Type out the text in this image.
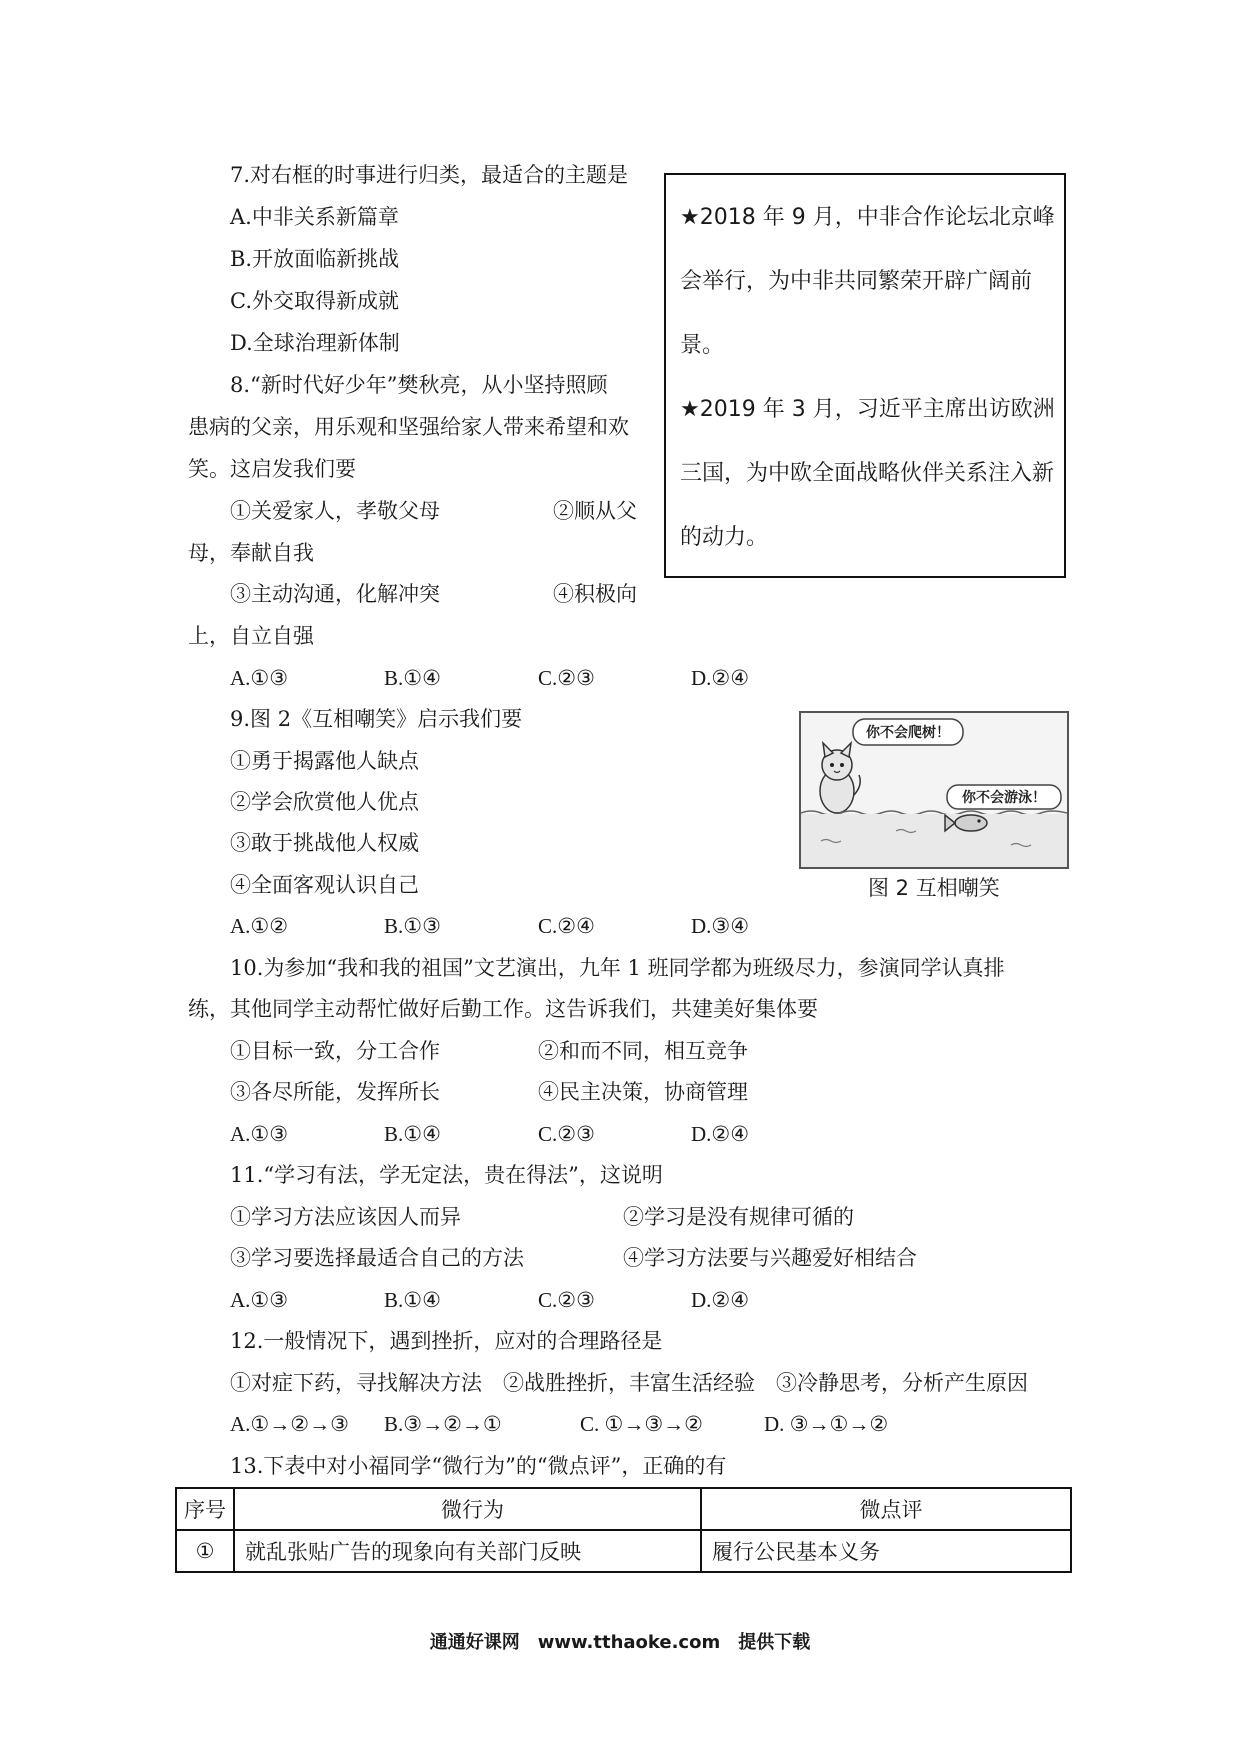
7.对右框的时事进行归类，最适合的主题是
A.中非关系新篇章
B.开放面临新挑战
C.外交取得新成就
D.全球治理新体制
★2018 年 9 月，中非合作论坛北京峰
会举行，为中非共同繁荣开辟广阔前
景。
★2019 年 3 月，习近平主席出访欧洲
三国，为中欧全面战略伙伴关系注入新
的动力。
8.“新时代好少年”樊秋亮，从小坚持照顾
患病的父亲，用乐观和坚强给家人带来希望和欢
笑。这启发我们要
①关爱家人，孝敬父母	②顺从父
母，奉献自我
③主动沟通，化解冲突	④积极向
上，自立自强
A.①③	B.①④	C.②③	D.②④
9.图 2《互相嘲笑》启示我们要
①勇于揭露他人缺点
②学会欣赏他人优点
③敢于挑战他人权威
④全面客观认识自己
A.①②	B.①③	C.②④	D.③④
你不会爬树！
你不会游泳！
图 2 互相嘲笑
10.为参加“我和我的祖国”文艺演出，九年 1 班同学都为班级尽力，参演同学认真排
练，其他同学主动帮忙做好后勤工作。这告诉我们，共建美好集体要
①目标一致，分工合作	②和而不同，相互竞争
③各尽所能，发挥所长	④民主决策，协商管理
A.①③	B.①④	C.②③	D.②④
11.“学习有法，学无定法，贵在得法”，这说明
①学习方法应该因人而异	②学习是没有规律可循的
③学习要选择最适合自己的方法	④学习方法要与兴趣爱好相结合
A.①③	B.①④	C.②③	D.②④
12.一般情况下，遇到挫折，应对的合理路径是
①对症下药，寻找解决方法　②战胜挫折，丰富生活经验　③冷静思考，分析产生原因
A.①→②→③ B.③→②→①	C. ①→③→②	D. ③→①→②
13.下表中对小福同学“微行为”的“微点评”，正确的有
序号	微行为	微点评
①	就乱张贴广告的现象向有关部门反映	履行公民基本义务
通通好课网　www.tthaoke.com　提供下载
